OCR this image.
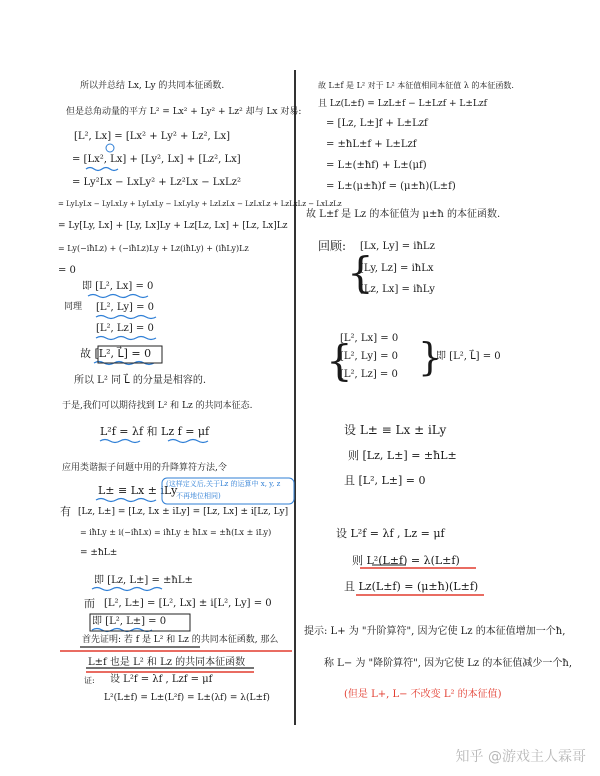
所以并总结 Lx, Ly 的共同本征函数.
但是总角动量的平方 L² = Lx² + Ly² + Lz² 却与 Lx 对易:
[L², Lx] = [Lx² + Ly² + Lz², Lx]
= [Lx², Lx] + [Ly², Lx] + [Lz², Lx]
= Ly²Lx − LxLy² + Lz²Lx − LxLz²
= LyLyLx − LyLxLy + LyLxLy − LxLyLy + LzLzLx − LzLxLz + LzLxLz − LxLzLz
= Ly[Ly, Lx] + [Ly, Lx]Ly + Lz[Lz, Lx] + [Lz, Lx]Lz
= Ly(−iħLz) + (−iħLz)Ly + Lz(iħLy) + (iħLy)Lz
= 0
即 [L², Lx] = 0
同理 [L², Ly] = 0
[L², Lz] = 0
故 [L², L⃗] = 0
所以 L² 同 L⃗ 的分量是相容的.
于是,我们可以期待找到 L² 和 Lz 的共同本征态.
L²f = λf 和 Lz f = μf
应用类谐振子问题中用的升降算符方法,令
L± ≡ Lx ± iLy
(这样定义后,关于Lz 的运算中 x, y, z
不再地位相同)
有 [Lz, L±] = [Lz, Lx ± iLy] = [Lz, Lx] ± i[Lz, Ly]
= iħLy ± i(−iħLx) = iħLy ± ħLx = ±ħ(Lx ± iLy)
= ±ħL±
即 [Lz, L±] = ±ħL±
而 [L², L±] = [L², Lx] ± i[L², Ly] = 0
即 [L², L±] = 0
首先证明: 若 f 是 L² 和 Lz 的共同本征函数, 那么
L±f 也是 L² 和 Lz 的共同本征函数
证: 设 L²f = λf , Lzf = μf
L²(L±f) = L±(L²f) = L±(λf) = λ(L±f)
故 L±f 是 L² 对于 L² 本征值相同本征值 λ 的本征函数.
且 Lz(L±f) = LzL±f − L±Lzf + L±Lzf
= [Lz, L±]f + L±Lzf
= ±ħL±f + L±Lzf
= L±(±ħf) + L±(μf)
= L±(μ±ħ)f = (μ±ħ)(L±f)
故 L±f 是 Lz 的本征值为 μ±ħ 的本征函数.
回顾:
{
[Lx, Ly] = iħLz
[Ly, Lz] = iħLx
[Lz, Lx] = iħLy
{
[L², Lx] = 0
[L², Ly] = 0
[L², Lz] = 0 }
即 [L², L⃗] = 0
设 L± ≡ Lx ± iLy
则 [Lz, L±] = ±ħL±
且 [L², L±] = 0
设 L²f = λf , Lz = μf
则 L²(L±f) = λ(L±f)
且 Lz(L±f) = (μ±ħ)(L±f)
提示: L+ 为 "升阶算符", 因为它使 Lz 的本征值增加一个ħ,
称 L− 为 "降阶算符", 因为它使 Lz 的本征值减少一个ħ,
(但是 L+, L− 不改变 L² 的本征值)
知乎 @游戏主人霖哥
